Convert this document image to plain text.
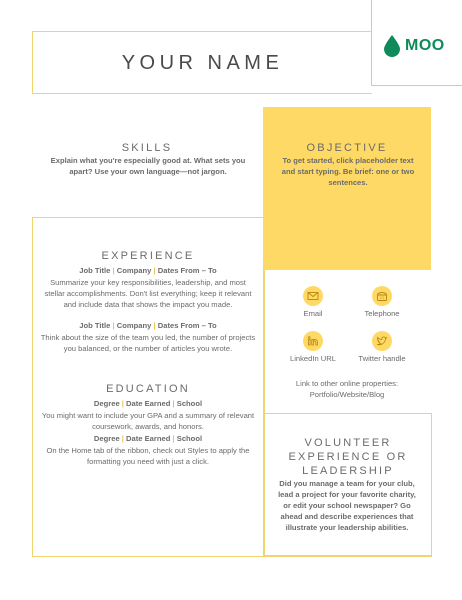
YOUR NAME
MOO
SKILLS
Explain what you're especially good at. What sets you apart? Use your own language—not jargon.
OBJECTIVE
To get started, click placeholder text and start typing. Be brief: one or two sentences.
EXPERIENCE
Job Title | Company | Dates From – To
Summarize your key responsibilities, leadership, and most stellar accomplishments. Don't list everything; keep it relevant and include data that shows the impact you made.
Job Title | Company | Dates From – To
Think about the size of the team you led, the number of projects you balanced, or the number of articles you wrote.
EDUCATION
Degree | Date Earned | School
You might want to include your GPA and a summary of relevant coursework, awards, and honors.
Degree | Date Earned | School
On the Home tab of the ribbon, check out Styles to apply the formatting you need with just a click.
Email	Telephone
LinkedIn URL	Twitter handle
Link to other online properties: Portfolio/Website/Blog
VOLUNTEER EXPERIENCE OR LEADERSHIP
Did you manage a team for your club, lead a project for your favorite charity, or edit your school newspaper? Go ahead and describe experiences that illustrate your leadership abilities.
